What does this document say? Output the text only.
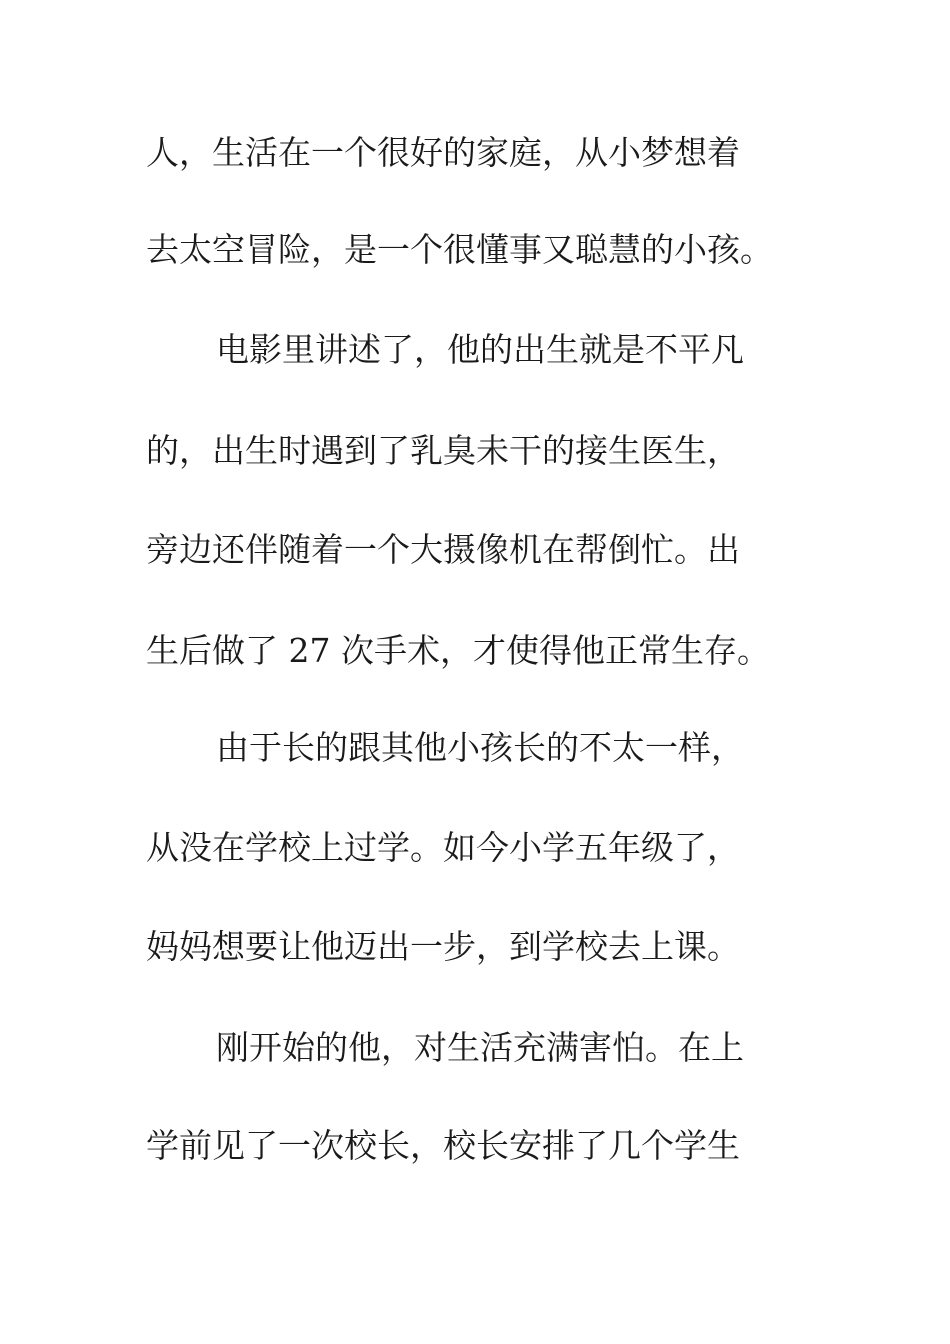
人，生活在一个很好的家庭，从小梦想着
去太空冒险，是一个很懂事又聪慧的小孩。
电影里讲述了，他的出生就是不平凡
的，出生时遇到了乳臭未干的接生医生，
旁边还伴随着一个大摄像机在帮倒忙。出
生后做了 27 次手术，才使得他正常生存。
由于长的跟其他小孩长的不太一样，
从没在学校上过学。如今小学五年级了，
妈妈想要让他迈出一步，到学校去上课。
刚开始的他，对生活充满害怕。在上
学前见了一次校长，校长安排了几个学生
